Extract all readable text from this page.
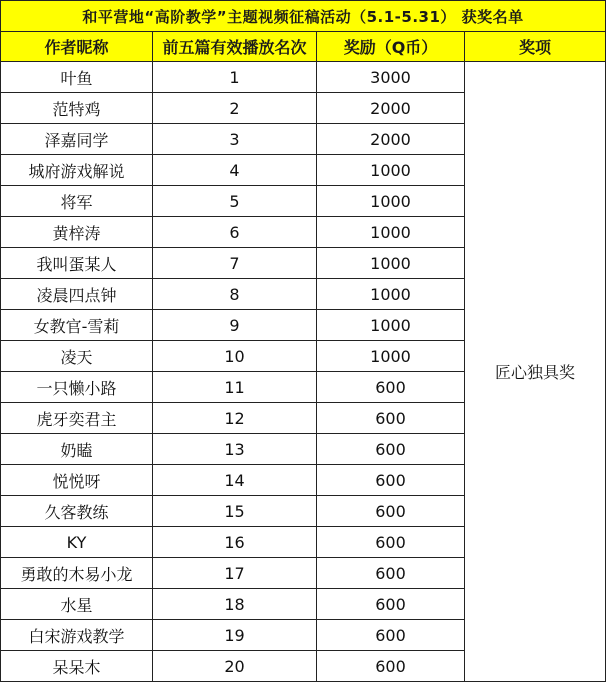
和平营地“高阶教学”主题视频征稿活动（5.1-5.31） 获奖名单			
作者昵称	前五篇有效播放名次	奖励（Q币）	奖项
叶鱼	1	3000	匠心独具奖
范特鸡	2	2000	
泽嘉同学	3	2000	
城府游戏解说	4	1000	
将军	5	1000	
黄梓涛	6	1000	
我叫蛋某人	7	1000	
凌晨四点钟	8	1000	
女教官-雪莉	9	1000	
凌天	10	1000	
一只懒小路	11	600	
虎牙奕君主	12	600	
奶瞌	13	600	
悦悦呀	14	600	
久客教练	15	600	
KY	16	600	
勇敢的木易小龙	17	600	
水星	18	600	
白宋游戏教学	19	600	
呆呆木	20	600	
